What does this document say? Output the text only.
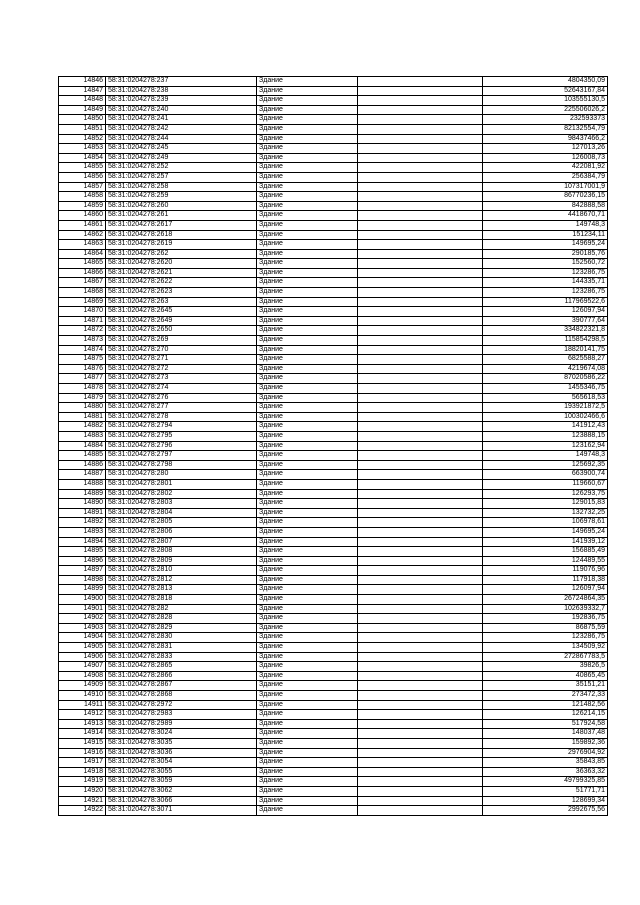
14846	58:31:0204278:237	Здание		4804350,09
14847	58:31:0204278:238	Здание		52643167,84
14848	58:31:0204278:239	Здание		103555130,5
14849	58:31:0204278:240	Здание		225506026,2
14850	58:31:0204278:241	Здание		232593373
14851	58:31:0204278:242	Здание		82132554,79
14852	58:31:0204278:244	Здание		98437466,2
14853	58:31:0204278:245	Здание		127013,26
14854	58:31:0204278:249	Здание		126008,73
14855	58:31:0204278:252	Здание		422081,92
14856	58:31:0204278:257	Здание		256384,79
14857	58:31:0204278:258	Здание		107317001,9
14858	58:31:0204278:259	Здание		86770236,15
14859	58:31:0204278:260	Здание		842888,58
14860	58:31:0204278:261	Здание		4418670,71
14861	58:31:0204278:2617	Здание		149748,3
14862	58:31:0204278:2618	Здание		151234,11
14863	58:31:0204278:2619	Здание		149695,24
14864	58:31:0204278:262	Здание		290185,76
14865	58:31:0204278:2620	Здание		152560,72
14866	58:31:0204278:2621	Здание		123286,75
14867	58:31:0204278:2622	Здание		144335,71
14868	58:31:0204278:2623	Здание		123286,75
14869	58:31:0204278:263	Здание		117969522,6
14870	58:31:0204278:2645	Здание		126097,94
14871	58:31:0204278:2649	Здание		390777,64
14872	58:31:0204278:2650	Здание		334822321,8
14873	58:31:0204278:269	Здание		115854298,5
14874	58:31:0204278:270	Здание		18820141,75
14875	58:31:0204278:271	Здание		6825588,27
14876	58:31:0204278:272	Здание		4219674,08
14877	58:31:0204278:273	Здание		87020586,22
14878	58:31:0204278:274	Здание		1455346,75
14879	58:31:0204278:276	Здание		565618,53
14880	58:31:0204278:277	Здание		193921872,5
14881	58:31:0204278:278	Здание		100302466,6
14882	58:31:0204278:2794	Здание		141912,43
14883	58:31:0204278:2795	Здание		123888,15
14884	58:31:0204278:2796	Здание		123162,94
14885	58:31:0204278:2797	Здание		149748,3
14886	58:31:0204278:2798	Здание		125692,35
14887	58:31:0204278:280	Здание		663900,74
14888	58:31:0204278:2801	Здание		119660,67
14889	58:31:0204278:2802	Здание		126293,75
14890	58:31:0204278:2803	Здание		129015,83
14891	58:31:0204278:2804	Здание		132732,25
14892	58:31:0204278:2805	Здание		106978,61
14893	58:31:0204278:2806	Здание		149695,24
14894	58:31:0204278:2807	Здание		141939,12
14895	58:31:0204278:2808	Здание		156885,49
14896	58:31:0204278:2809	Здание		124489,55
14897	58:31:0204278:2810	Здание		119076,96
14898	58:31:0204278:2812	Здание		117918,38
14899	58:31:0204278:2813	Здание		126097,94
14900	58:31:0204278:2818	Здание		26724864,35
14901	58:31:0204278:282	Здание		102639332,7
14902	58:31:0204278:2828	Здание		192836,75
14903	58:31:0204278:2829	Здание		86875,59
14904	58:31:0204278:2830	Здание		123286,75
14905	58:31:0204278:2831	Здание		134509,92
14906	58:31:0204278:2833	Здание		272867783,5
14907	58:31:0204278:2865	Здание		39826,5
14908	58:31:0204278:2866	Здание		40865,45
14909	58:31:0204278:2867	Здание		35151,21
14910	58:31:0204278:2868	Здание		273472,33
14911	58:31:0204278:2972	Здание		121482,56
14912	58:31:0204278:2983	Здание		126214,15
14913	58:31:0204278:2989	Здание		517924,58
14914	58:31:0204278:3024	Здание		148037,48
14915	58:31:0204278:3035	Здание		159892,36
14916	58:31:0204278:3036	Здание		2976904,92
14917	58:31:0204278:3054	Здание		35843,85
14918	58:31:0204278:3055	Здание		36363,32
14919	58:31:0204278:3059	Здание		49799325,85
14920	58:31:0204278:3062	Здание		51771,71
14921	58:31:0204278:3066	Здание		128699,34
14922	58:31:0204278:3071	Здание		2992675,56
